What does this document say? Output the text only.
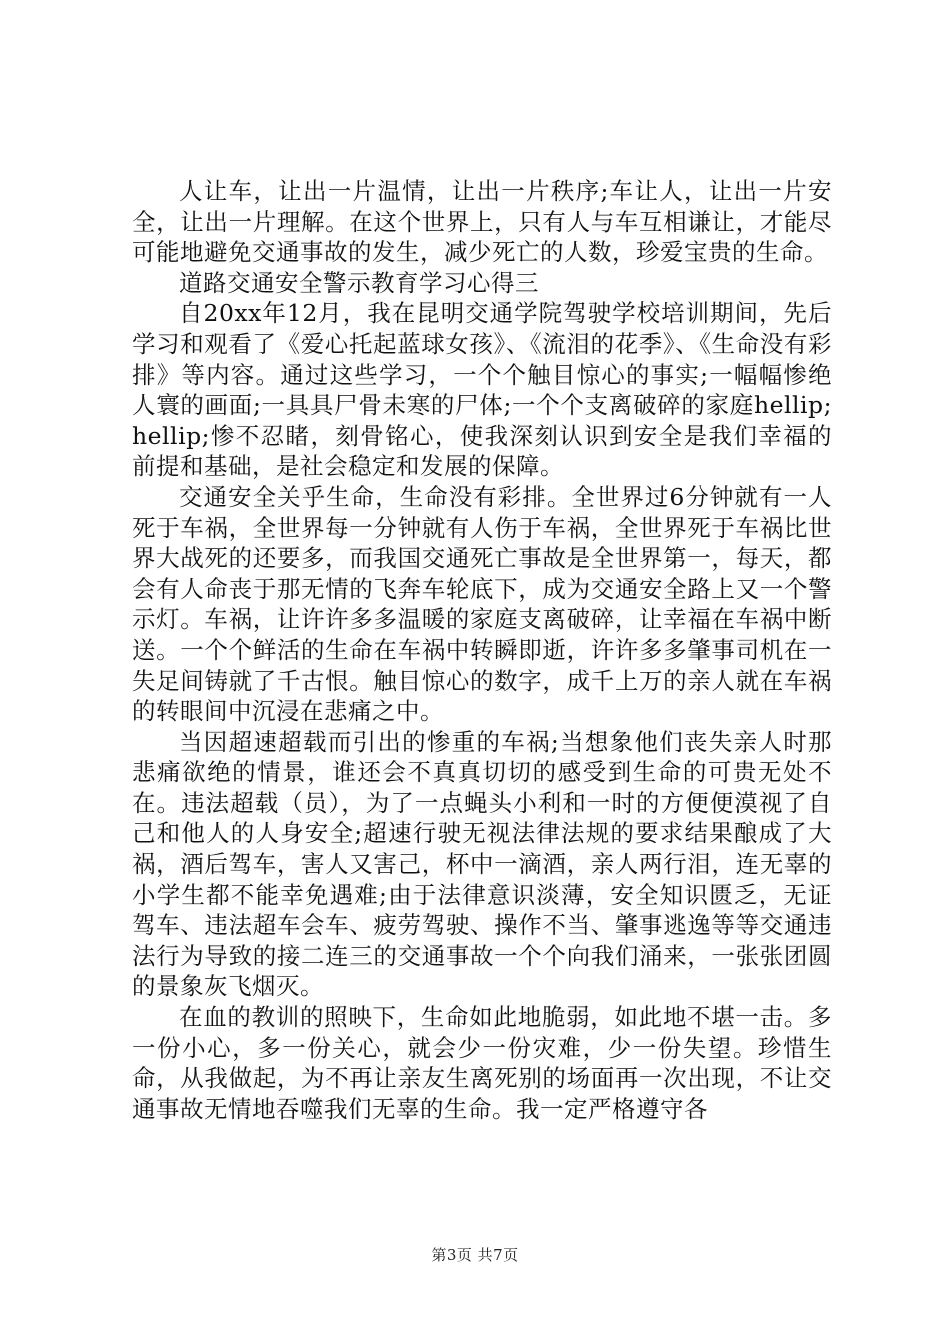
人让车，让出一片温情，让出一片秩序;车让人，让出一片安全，让出一片理解。在这个世界上，只有人与车互相谦让，才能尽可能地避免交通事故的发生，减少死亡的人数，珍爱宝贵的生命。

道路交通安全警示教育学习心得三

自20xx年12月，我在昆明交通学院驾驶学校培训期间，先后学习和观看了《爱心托起蓝球女孩》、《流泪的花季》、《生命没有彩排》等内容。通过这些学习，一个个触目惊心的事实;一幅幅惨绝人寰的画面;一具具尸骨未寒的尸体;一个个支离破碎的家庭hellip;hellip;惨不忍睹，刻骨铭心，使我深刻认识到安全是我们幸福的前提和基础，是社会稳定和发展的保障。

交通安全关乎生命，生命没有彩排。全世界过6分钟就有一人死于车祸，全世界每一分钟就有人伤于车祸，全世界死于车祸比世界大战死的还要多，而我国交通死亡事故是全世界第一，每天，都会有人命丧于那无情的飞奔车轮底下，成为交通安全路上又一个警示灯。车祸，让许许多多温暖的家庭支离破碎，让幸福在车祸中断送。一个个鲜活的生命在车祸中转瞬即逝，许许多多肇事司机在一失足间铸就了千古恨。触目惊心的数字，成千上万的亲人就在车祸的转眼间中沉浸在悲痛之中。

当因超速超载而引出的惨重的车祸;当想象他们丧失亲人时那悲痛欲绝的情景，谁还会不真真切切的感受到生命的可贵无处不在。违法超载（员），为了一点蝇头小利和一时的方便便漠视了自己和他人的人身安全;超速行驶无视法律法规的要求结果酿成了大祸，酒后驾车，害人又害己，杯中一滴酒，亲人两行泪，连无辜的小学生都不能幸免遇难;由于法律意识淡薄，安全知识匮乏，无证驾车、违法超车会车、疲劳驾驶、操作不当、肇事逃逸等等交通违法行为导致的接二连三的交通事故一个个向我们涌来，一张张团圆的景象灰飞烟灭。

在血的教训的照映下，生命如此地脆弱，如此地不堪一击。多一份小心，多一份关心，就会少一份灾难，少一份失望。珍惜生命，从我做起，为不再让亲友生离死别的场面再一次出现，不让交通事故无情地吞噬我们无辜的生命。我一定严格遵守各

第3页 共7页
